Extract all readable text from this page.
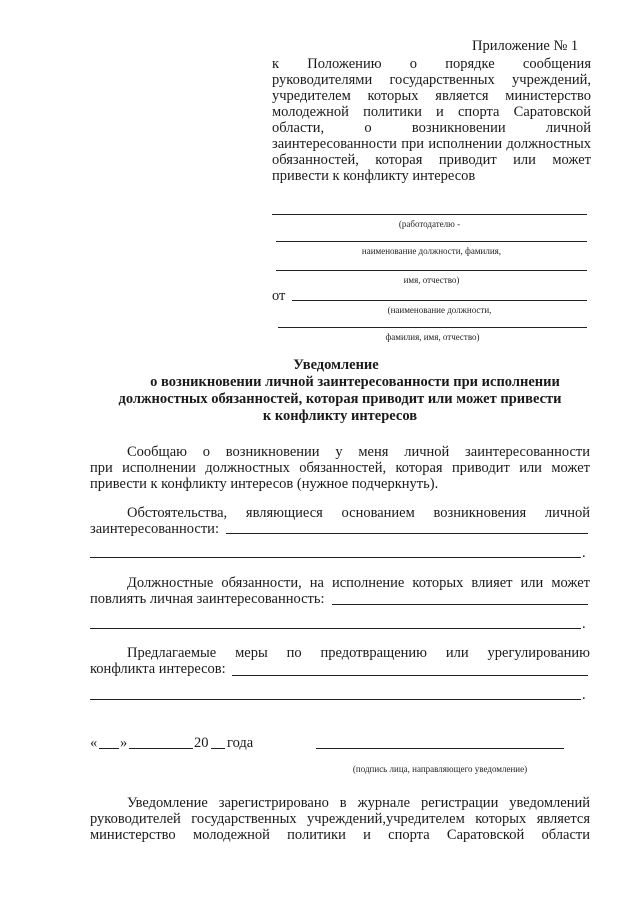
Приложение № 1
к Положению о порядке сообщения
руководителями государственных учреждений,
учредителем которых является министерство
молодежной политики и спорта Саратовской
области, о возникновении личной
заинтересованности при исполнении должностных
обязанностей, которая приводит или может
привести к конфликту интересов
(работодателю -
наименование должности, фамилия,
имя, отчество)
от
(наименование должности,
фамилия, имя, отчество)
Уведомление
о возникновении личной заинтересованности при исполнении
должностных обязанностей, которая приводит или может привести
к конфликту интересов
Сообщаю о возникновении у меня личной заинтересованности
при исполнении должностных обязанностей, которая приводит или может
привести к конфликту интересов (нужное подчеркнуть).
Обстоятельства, являющиеся основанием возникновения личной
заинтересованности:
.
Должностные обязанности, на исполнение которых влияет или может
повлиять личная заинтересованность:
.
Предлагаемые меры по предотвращению или урегулированию
конфликта интересов:
.
« »	20 года
(подпись лица, направляющего уведомление)
Уведомление зарегистрировано в журнале регистрации уведомлений
руководителей государственных учреждений,учредителем которых является
министерство молодежной политики и спорта Саратовской области
